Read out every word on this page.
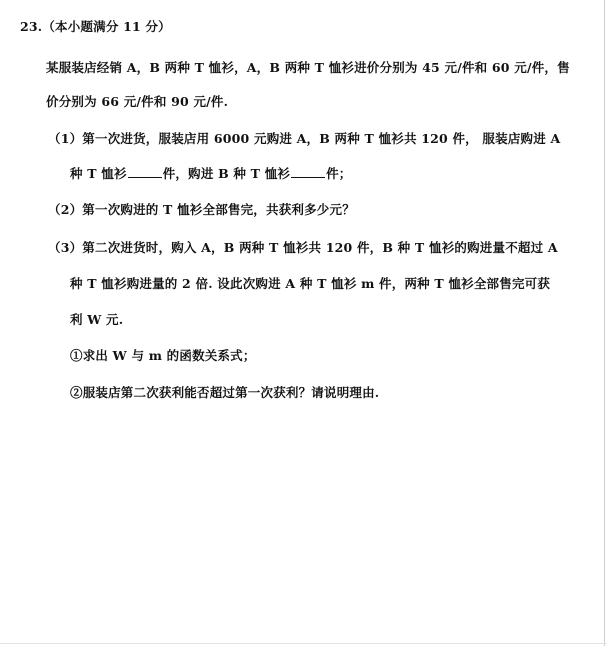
23.（本小题满分 11 分）
某服装店经销 A，B 两种 T 恤衫，A，B 两种 T 恤衫进价分别为 45 元/件和 60 元/件，售
价分别为 66 元/件和 90 元/件.
（1）第一次进货，服装店用 6000 元购进 A，B 两种 T 恤衫共 120 件， 服装店购进 A
种 T 恤衫	件，购进 B 种 T 恤衫	件；
（2）第一次购进的 T 恤衫全部售完，共获利多少元？
（3）第二次进货时，购入 A，B 两种 T 恤衫共 120 件，B 种 T 恤衫的购进量不超过 A
种 T 恤衫购进量的 2 倍. 设此次购进 A 种 T 恤衫 m 件，两种 T 恤衫全部售完可获
利 W 元.
①求出 W 与 m 的函数关系式；
②服装店第二次获利能否超过第一次获利？请说明理由.
